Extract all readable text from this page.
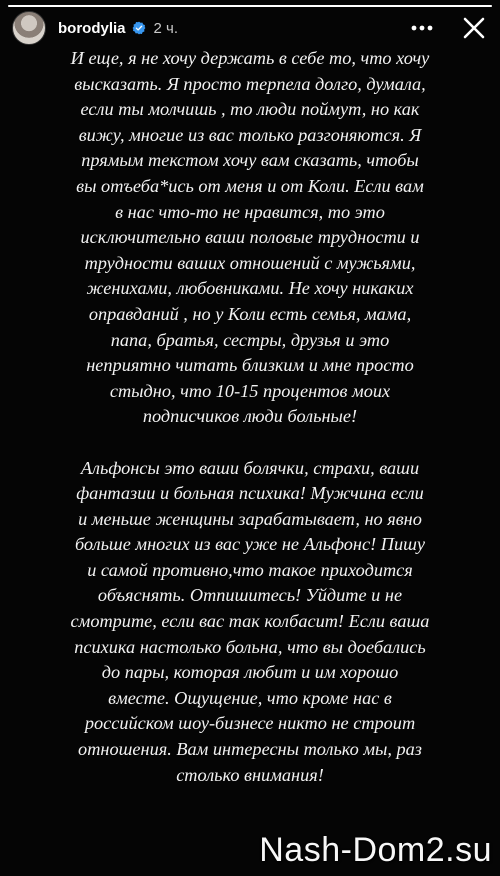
borodylia 2 ч.

И еще, я не хочу держать в себе то, что хочу высказать. Я просто терпела долго, думала, если ты молчишь , то люди поймут, но как вижу, многие из вас только разгоняются. Я прямым текстом хочу вам сказать, чтобы вы отъеба*ись от меня и от Коли. Если вам в нас что-то не нравится, то это исключительно ваши половые трудности и трудности ваших отношений с мужьями, женихами, любовниками. Не хочу никаких оправданий , но у Коли есть семья, мама, папа, братья, сестры, друзья и это неприятно читать близким и мне просто стыдно, что 10-15 процентов моих подписчиков люди больные!

Альфонсы это ваши болячки, страхи, ваши фантазии и больная психика! Мужчина если и меньше женщины зарабатывает, но явно больше многих из вас уже не Альфонс! Пишу и самой противно,что такое приходится объяснять. Отпишитесь! Уйдите и не смотрите, если вас так колбасит! Если ваша психика настолько больна, что вы доебались до пары, которая любит и им хорошо вместе. Ощущение, что кроме нас в российском шоу-бизнесе никто не строит отношения. Вам интересны только мы, раз столько внимания!

Nash-Dom2.su
